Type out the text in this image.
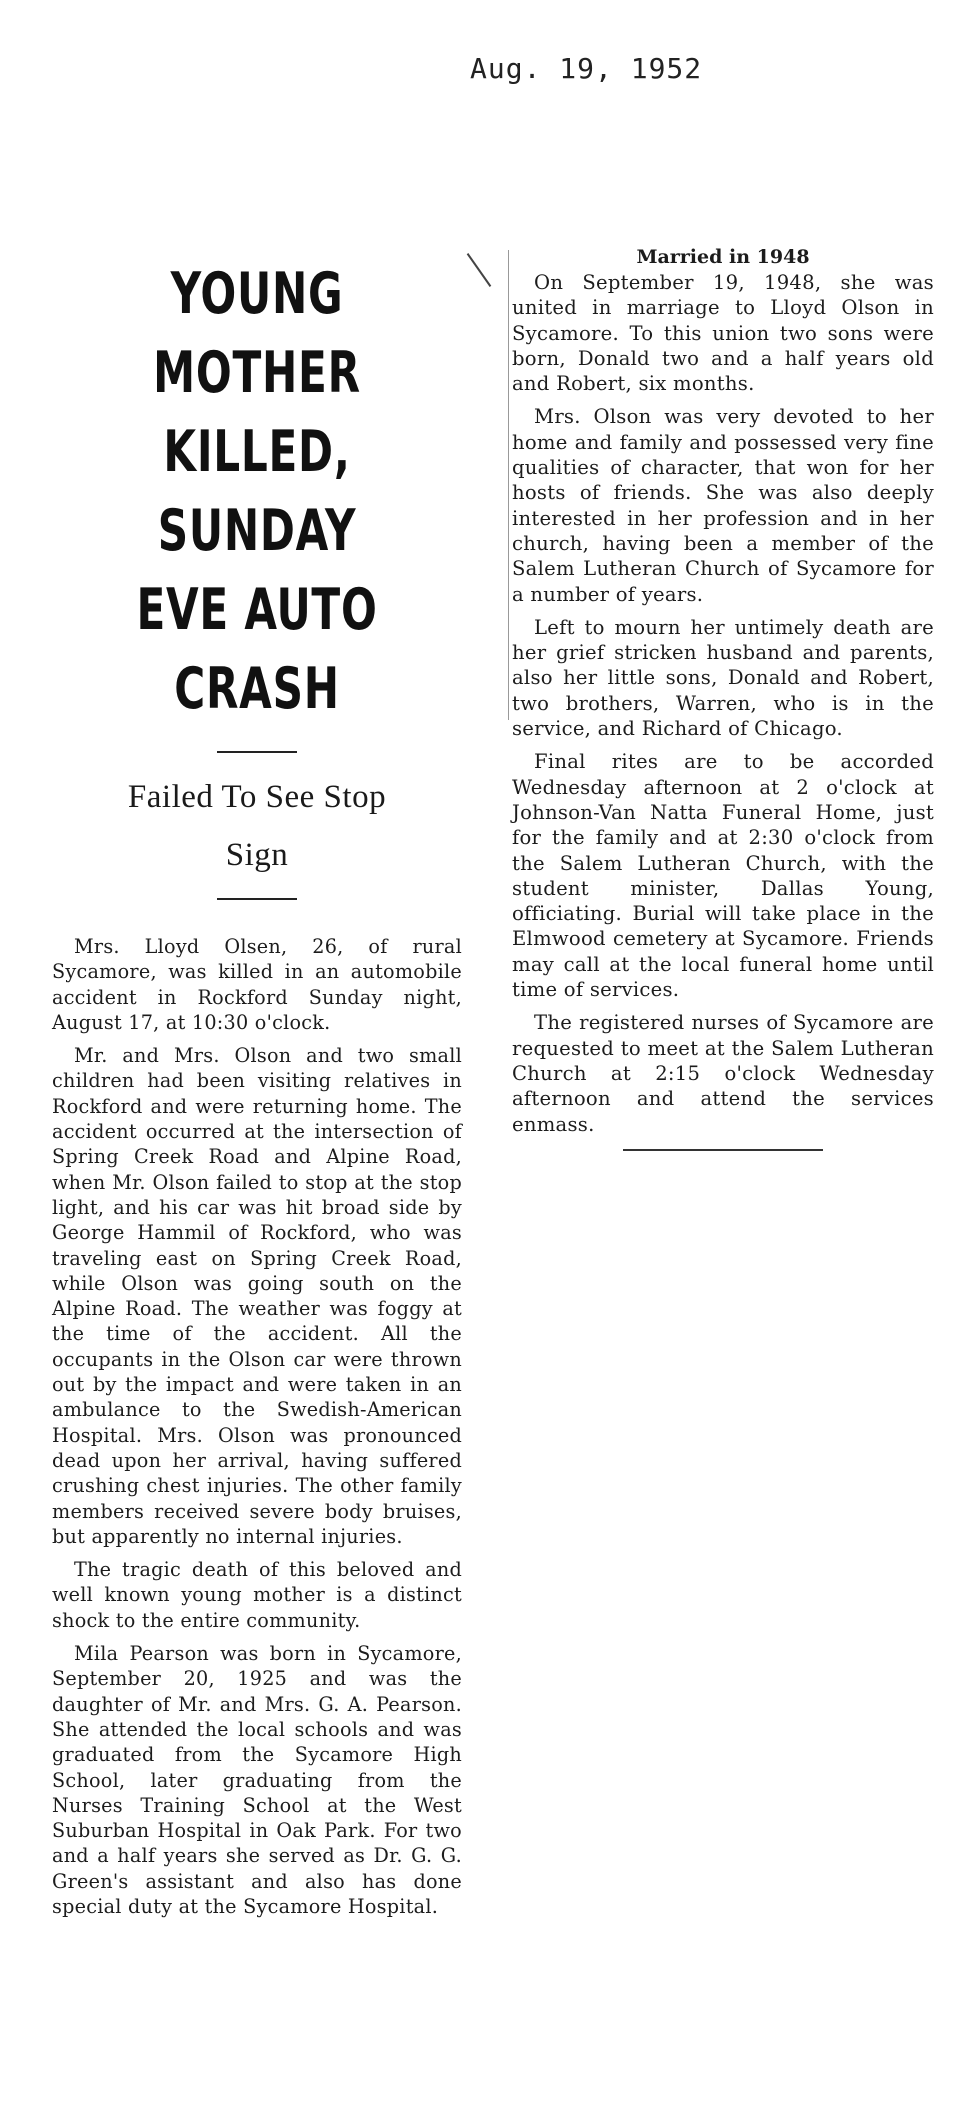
Aug. 19, 1952
YOUNG MOTHER
KILLED, SUNDAY
EVE AUTO CRASH
Failed To See Stop
Sign

Mrs. Lloyd Olsen, 26, of rural Sycamore, was killed in an automobile accident in Rockford Sunday night, August 17, at 10:30 o'clock.

Mr. and Mrs. Olson and two small children had been visiting relatives in Rockford and were returning home. The accident occurred at the intersection of Spring Creek Road and Alpine Road, when Mr. Olson failed to stop at the stop light, and his car was hit broad side by George Hammil of Rockford, who was traveling east on Spring Creek Road, while Olson was going south on the Alpine Road. The weather was foggy at the time of the accident. All the occupants in the Olson car were thrown out by the impact and were taken in an ambulance to the Swedish-American Hospital. Mrs. Olson was pronounced dead upon her arrival, having suffered crushing chest injuries. The other family members received severe body bruises, but apparently no internal injuries.

The tragic death of this beloved and well known young mother is a distinct shock to the entire community.

Mila Pearson was born in Sycamore, September 20, 1925 and was the daughter of Mr. and Mrs. G. A. Pearson. She attended the local schools and was graduated from the Sycamore High School, later graduating from the Nurses Training School at the West Suburban Hospital in Oak Park. For two and a half years she served as Dr. G. G. Green's assistant and also has done special duty at the Sycamore Hospital.

Married in 1948

On September 19, 1948, she was united in marriage to Lloyd Olson in Sycamore. To this union two sons were born, Donald two and a half years old and Robert, six months.

Mrs. Olson was very devoted to her home and family and possessed very fine qualities of character, that won for her hosts of friends. She was also deeply interested in her profession and in her church, having been a member of the Salem Lutheran Church of Sycamore for a number of years.

Left to mourn her untimely death are her grief stricken husband and parents, also her little sons, Donald and Robert, two brothers, Warren, who is in the service, and Richard of Chicago.

Final rites are to be accorded Wednesday afternoon at 2 o'clock at Johnson-Van Natta Funeral Home, just for the family and at 2:30 o'clock from the Salem Lutheran Church, with the student minister, Dallas Young, officiating. Burial will take place in the Elmwood cemetery at Sycamore. Friends may call at the local funeral home until time of services.

The registered nurses of Sycamore are requested to meet at the Salem Lutheran Church at 2:15 o'clock Wednesday afternoon and attend the services enmass.
